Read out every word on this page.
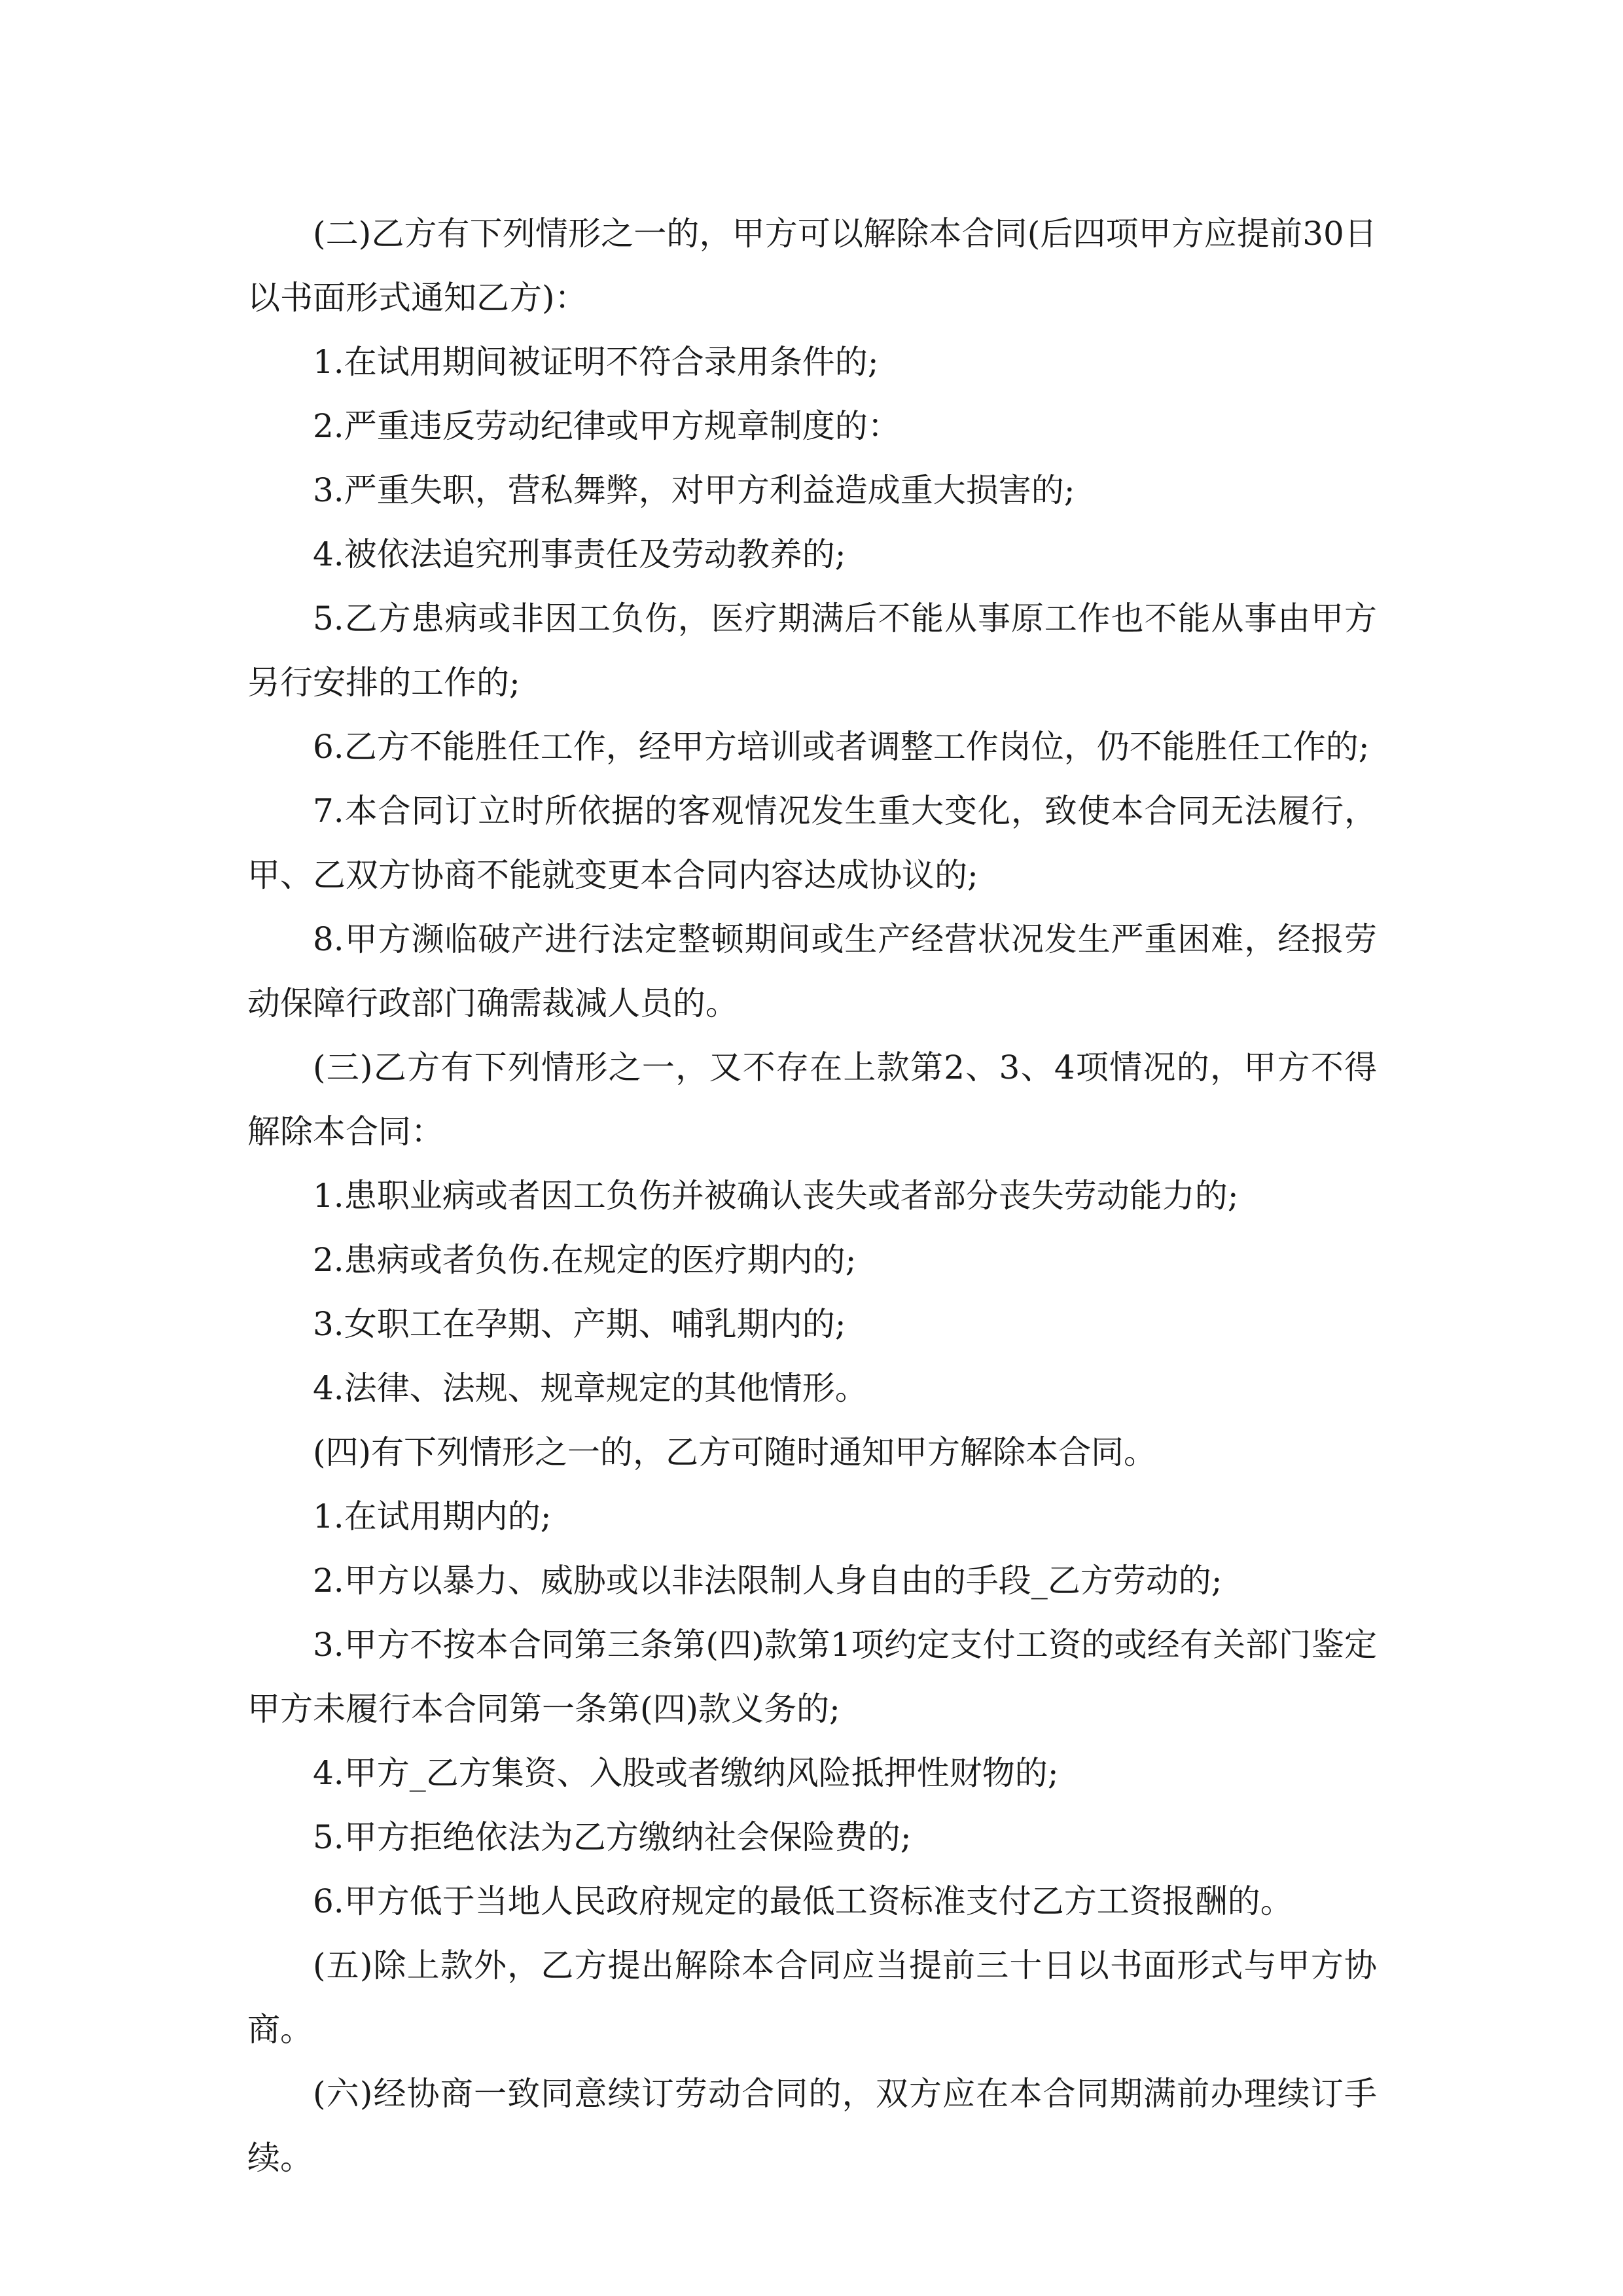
(二)乙方有下列情形之一的，甲方可以解除本合同(后四项甲方应提前30日以书面形式通知乙方)：

1.在试用期间被证明不符合录用条件的;

2.严重违反劳动纪律或甲方规章制度的：

3.严重失职，营私舞弊，对甲方利益造成重大损害的;

4.被依法追究刑事责任及劳动教养的;

5.乙方患病或非因工负伤，医疗期满后不能从事原工作也不能从事由甲方另行安排的工作的;

6.乙方不能胜任工作，经甲方培训或者调整工作岗位，仍不能胜任工作的;

7.本合同订立时所依据的客观情况发生重大变化，致使本合同无法履行，甲、乙双方协商不能就变更本合同内容达成协议的;

8.甲方濒临破产进行法定整顿期间或生产经营状况发生严重困难，经报劳动保障行政部门确需裁减人员的。

(三)乙方有下列情形之一，又不存在上款第2、3、4项情况的，甲方不得解除本合同：

1.患职业病或者因工负伤并被确认丧失或者部分丧失劳动能力的;

2.患病或者负伤.在规定的医疗期内的;

3.女职工在孕期、产期、哺乳期内的;

4.法律、法规、规章规定的其他情形。

(四)有下列情形之一的，乙方可随时通知甲方解除本合同。

1.在试用期内的;

2.甲方以暴力、威胁或以非法限制人身自由的手段_乙方劳动的;

3.甲方不按本合同第三条第(四)款第1项约定支付工资的或经有关部门鉴定甲方未履行本合同第一条第(四)款义务的;

4.甲方_乙方集资、入股或者缴纳风险抵押性财物的;

5.甲方拒绝依法为乙方缴纳社会保险费的;

6.甲方低于当地人民政府规定的最低工资标准支付乙方工资报酬的。

(五)除上款外，乙方提出解除本合同应当提前三十日以书面形式与甲方协商。

(六)经协商一致同意续订劳动合同的，双方应在本合同期满前办理续订手续。
